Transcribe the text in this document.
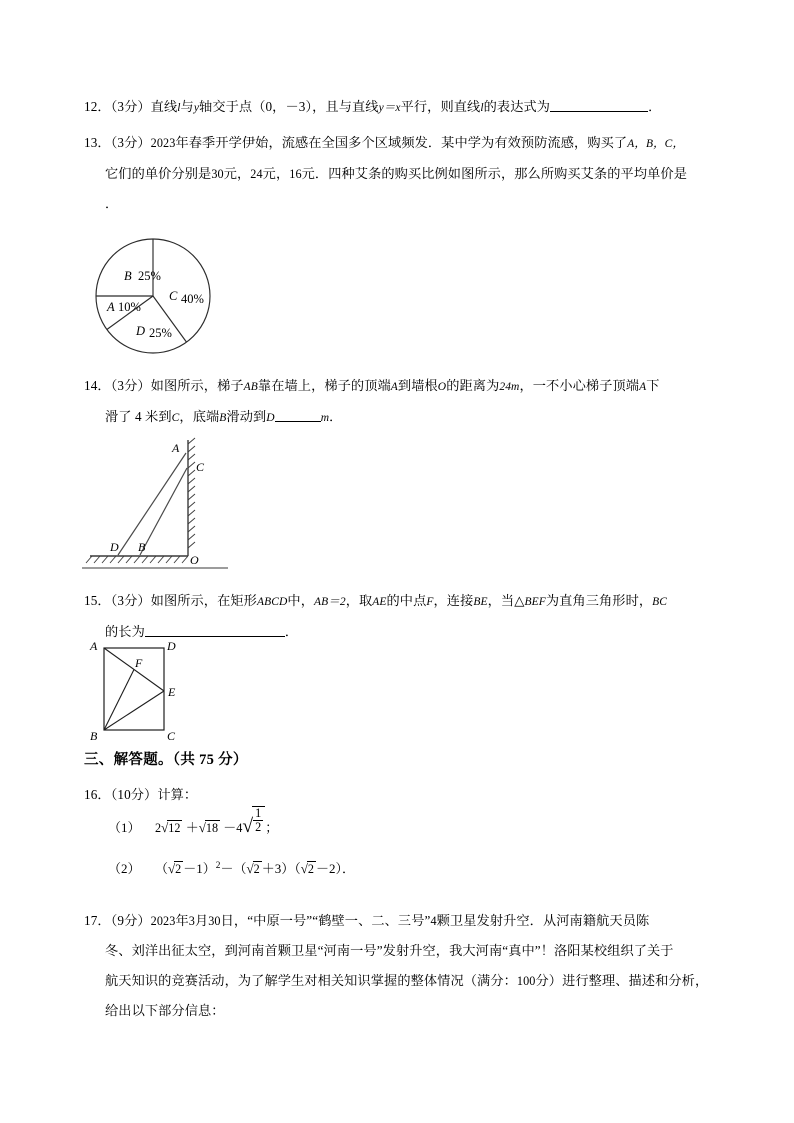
12．（3分）直线l与y轴交于点（0，－3），且与直线y＝x平行，则直线l的表达式为	．
13．（3分）2023年春季开学伊始，流感在全国多个区域频发．某中学为有效预防流感，购买了A，B，C，
它们的单价分别是30元，24元，16元．四种艾条的购买比例如图所示，那么所购买艾条的平均单价是
．
B 25%
C 40%
A 10%
D 25%
14．（3分）如图所示，梯子AB靠在墙上，梯子的顶端A到墙根O的距离为24m，一不小心梯子顶端A下
滑了 4 米到C，底端B滑动到D	m．
A
C
D B
O
15．（3分）如图所示，在矩形ABCD中，AB＝2，取AE的中点F，连接BE，当△BEF为直角三角形时，BC
的长为	．
A	D
F
E
B	C
三、解答题。（共 75 分）
16．（10分）计算：
（1） $2√12 +√18 -4√ \frac{1}{2}$ ；
（2） $(√2 -1)^2-(√2 +3)(√2 -2)$．
17．（9分）2023年3月30日，“中原一号”“鹤壁一、二、三号”4颗卫星发射升空．从河南籍航天员陈
冬、刘洋出征太空，到河南首颗卫星“河南一号”发射升空，我大河南“真中”！洛阳某校组织了关于
航天知识的竞赛活动，为了解学生对相关知识掌握的整体情况（满分：100分）进行整理、描述和分析，
给出以下部分信息：
